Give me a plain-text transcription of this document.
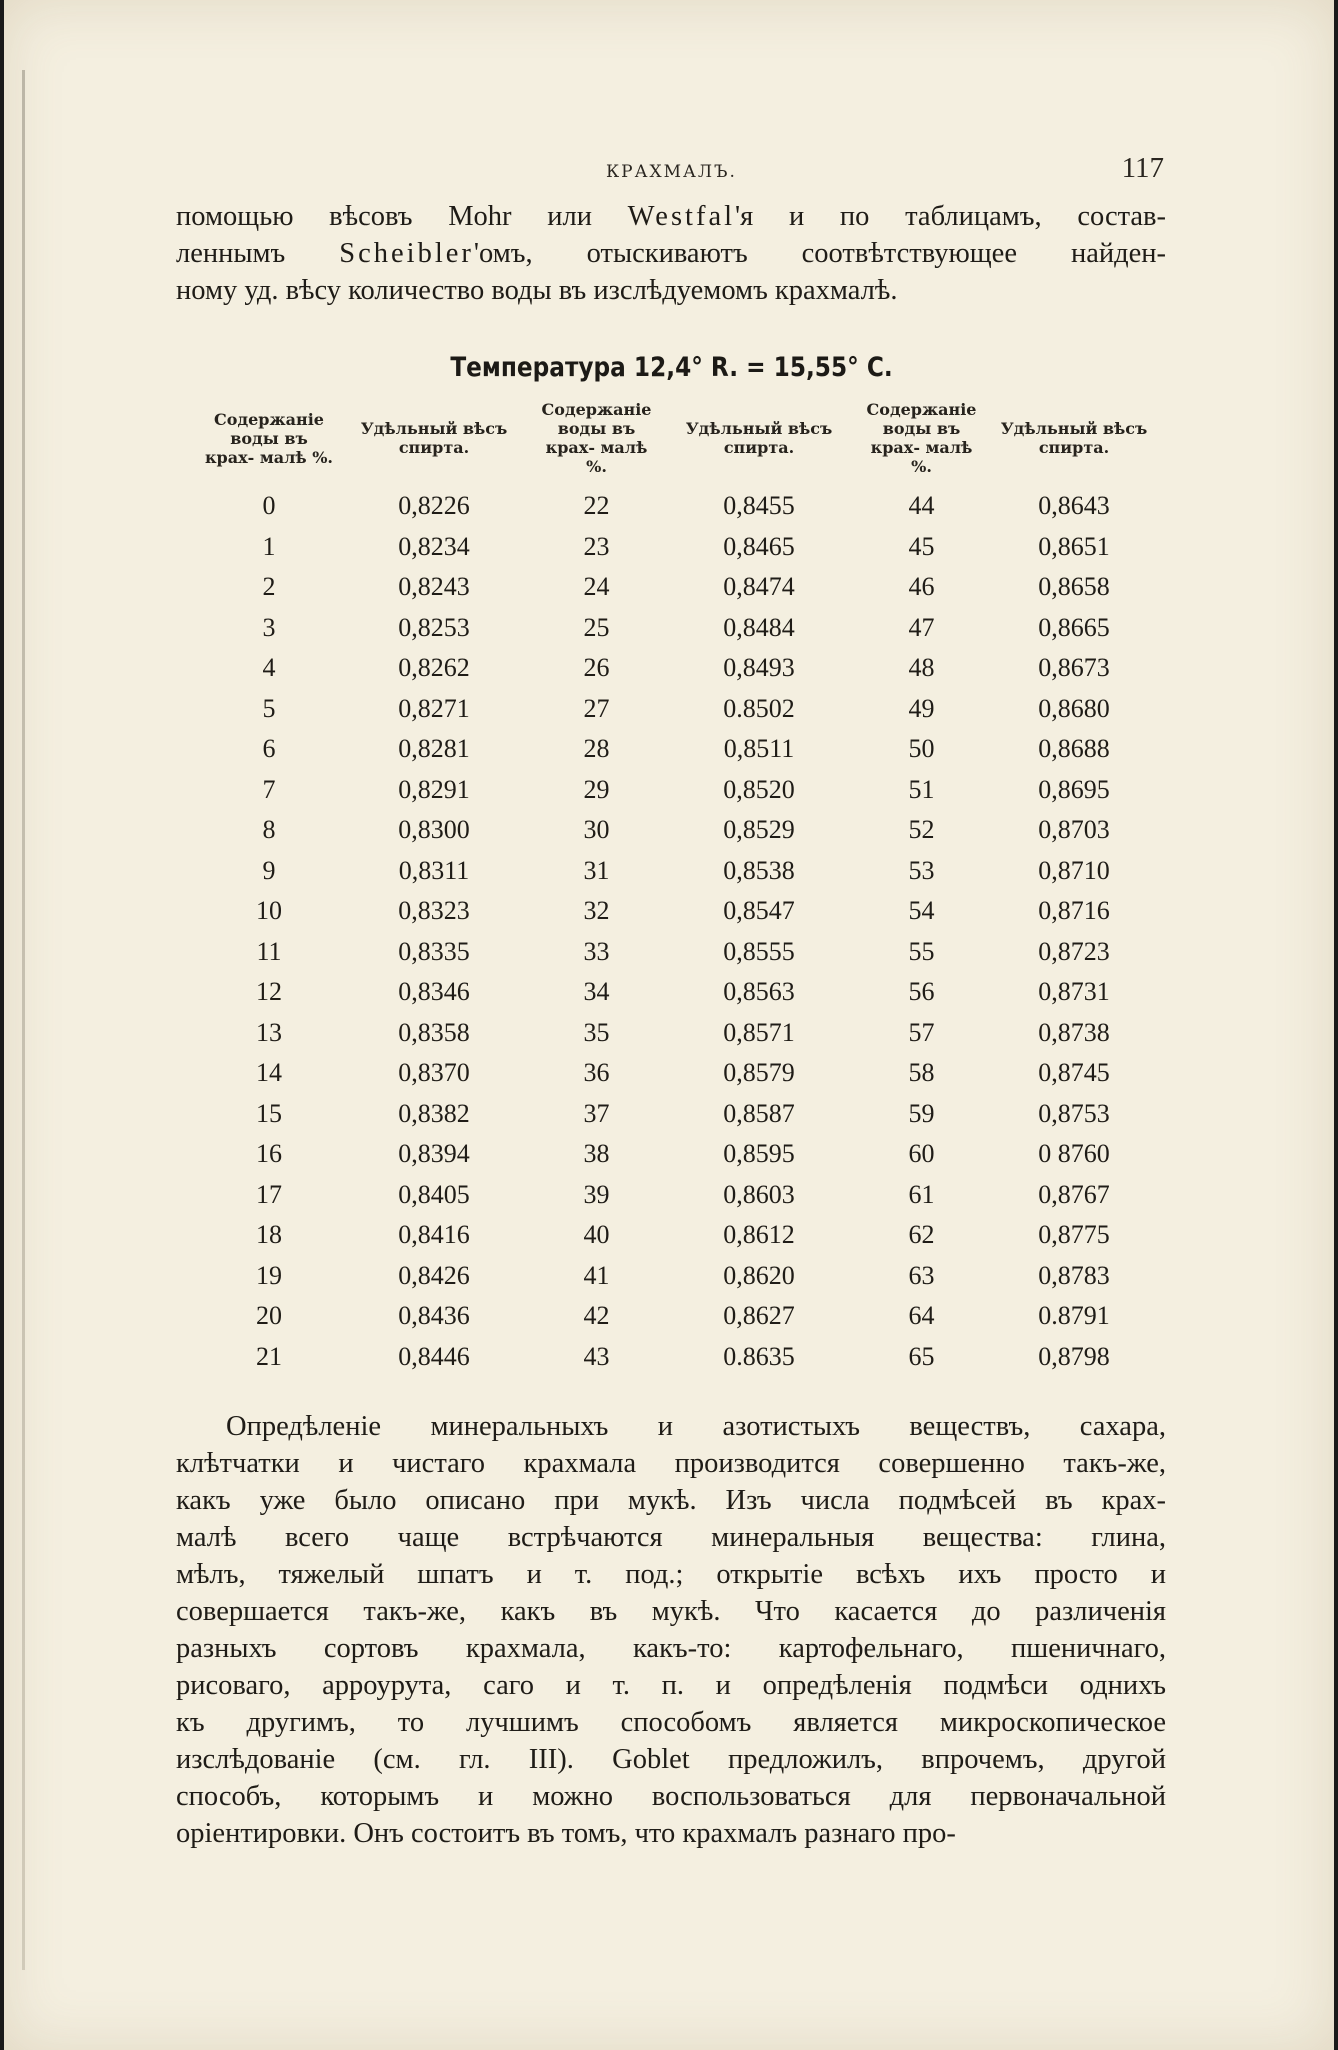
КРАХМАЛЪ.	117
помощью вѣсовъ Mohr или Westfal'я и по таблицамъ, состав-
леннымъ Scheibler'омъ, отыскиваютъ соотвѣтствующее найден-
ному уд. вѣсу количество воды въ изслѣдуемомъ крахмалѣ.
Температура 12,4° R. = 15,55° C.
Содержаніе воды въ крах- малѣ %.	Удѣльный вѣсъ спирта.	Содержаніе воды въ крах- малѣ %.	Удѣльный вѣсъ спирта.	Содержаніе воды въ крах- малѣ %.	Удѣльный вѣсъ спирта.
0	0,8226	22	0,8455	44	0,8643
1	0,8234	23	0,8465	45	0,8651
2	0,8243	24	0,8474	46	0,8658
3	0,8253	25	0,8484	47	0,8665
4	0,8262	26	0,8493	48	0,8673
5	0,8271	27	0.8502	49	0,8680
6	0,8281	28	0,8511	50	0,8688
7	0,8291	29	0,8520	51	0,8695
8	0,8300	30	0,8529	52	0,8703
9	0,8311	31	0,8538	53	0,8710
10	0,8323	32	0,8547	54	0,8716
11	0,8335	33	0,8555	55	0,8723
12	0,8346	34	0,8563	56	0,8731
13	0,8358	35	0,8571	57	0,8738
14	0,8370	36	0,8579	58	0,8745
15	0,8382	37	0,8587	59	0,8753
16	0,8394	38	0,8595	60	0 8760
17	0,8405	39	0,8603	61	0,8767
18	0,8416	40	0,8612	62	0,8775
19	0,8426	41	0,8620	63	0,8783
20	0,8436	42	0,8627	64	0.8791
21	0,8446	43	0.8635	65	0,8798
Опредѣленіе минеральныхъ и азотистыхъ веществъ, сахара,
клѣтчатки и чистаго крахмала производится совершенно такъ-же,
какъ уже было описано при мукѣ. Изъ числа подмѣсей въ крах-
малѣ всего чаще встрѣчаются минеральныя вещества: глина,
мѣлъ, тяжелый шпатъ и т. под.; открытіе всѣхъ ихъ просто и
совершается такъ-же, какъ въ мукѣ. Что касается до различенія
разныхъ сортовъ крахмала, какъ-то: картофельнаго, пшеничнаго,
рисоваго, арроурута, саго и т. п. и опредѣленія подмѣси однихъ
къ другимъ, то лучшимъ способомъ является микроскопическое
изслѣдованіе (см. гл. III). Goblet предложилъ, впрочемъ, другой
способъ, которымъ и можно воспользоваться для первоначальной
оріентировки. Онъ состоитъ въ томъ, что крахмалъ разнаго про-
